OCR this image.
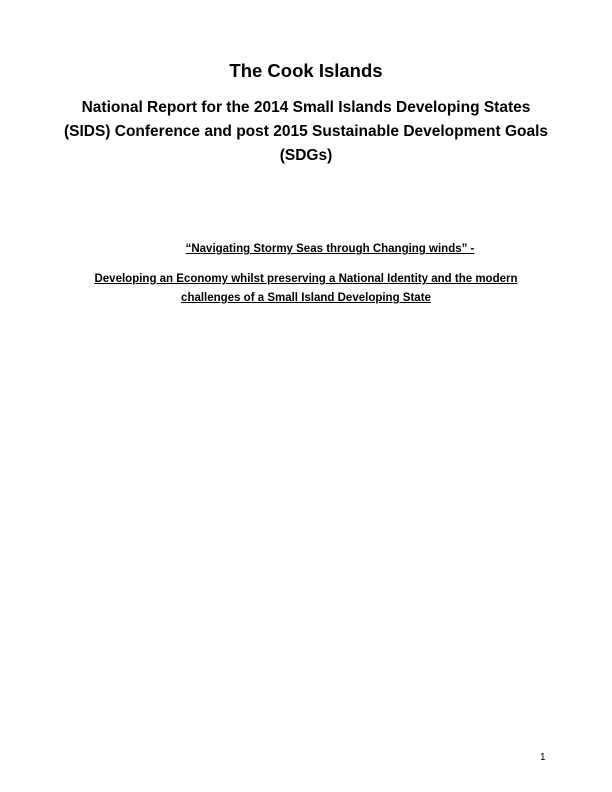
The Cook Islands
National Report for the 2014 Small Islands Developing States
(SIDS) Conference and post 2015 Sustainable Development Goals
(SDGs)
“Navigating Stormy Seas through Changing winds” -
Developing an Economy whilst preserving a National Identity and the modern
challenges of a Small Island Developing State
1
